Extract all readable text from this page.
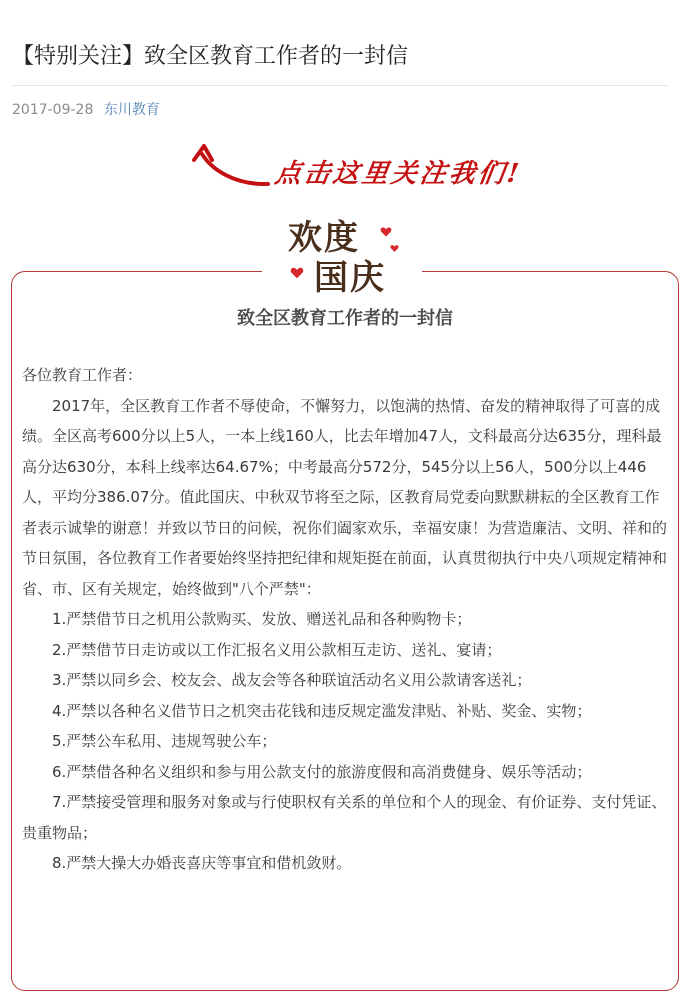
【特别关注】致全区教育工作者的一封信
2017-09-28 东川教育
点击这里关注我们!
欢度
国庆
致全区教育工作者的一封信

各位教育工作者：

2017年，全区教育工作者不辱使命，不懈努力，以饱满的热情、奋发的精神取得了可喜的成绩。全区高考600分以上5人，一本上线160人，比去年增加47人，文科最高分达635分，理科最高分达630分，本科上线率达64.67%；中考最高分572分，545分以上56人，500分以上446人，平均分386.07分。值此国庆、中秋双节将至之际，区教育局党委向默默耕耘的全区教育工作者表示诚挚的谢意！并致以节日的问候，祝你们阖家欢乐，幸福安康！为营造廉洁、文明、祥和的节日氛围，各位教育工作者要始终坚持把纪律和规矩挺在前面，认真贯彻执行中央八项规定精神和省、市、区有关规定，始终做到"八个严禁"：

1.严禁借节日之机用公款购买、发放、赠送礼品和各种购物卡；

2.严禁借节日走访或以工作汇报名义用公款相互走访、送礼、宴请；

3.严禁以同乡会、校友会、战友会等各种联谊活动名义用公款请客送礼；

4.严禁以各种名义借节日之机突击花钱和违反规定滥发津贴、补贴、奖金、实物；

5.严禁公车私用、违规驾驶公车；

6.严禁借各种名义组织和参与用公款支付的旅游度假和高消费健身、娱乐等活动；

7.严禁接受管理和服务对象或与行使职权有关系的单位和个人的现金、有价证券、支付凭证、贵重物品；

8.严禁大操大办婚丧喜庆等事宜和借机敛财。
